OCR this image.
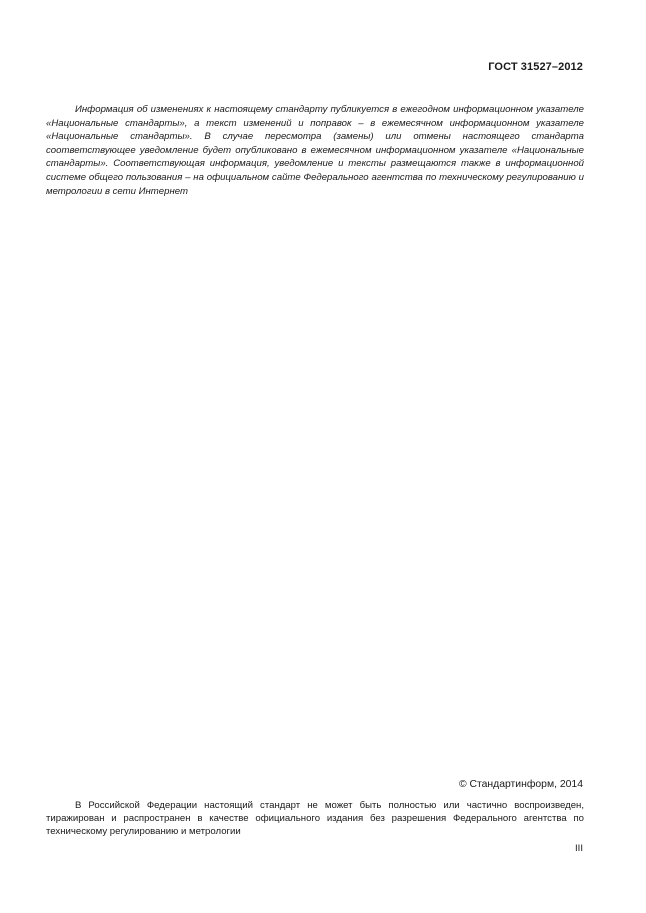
ГОСТ 31527–2012

Информация об изменениях к настоящему стандарту публикуется в ежегодном информационном указателе «Национальные стандарты», а текст изменений и поправок – в ежемесячном информационном указателе «Национальные стандарты». В случае пересмотра (замены) или отмены настоящего стандарта соответствующее уведомление будет опубликовано в ежемесячном информационном указателе «Национальные стандарты». Соответствующая информация, уведомление и тексты размещаются также в информационной системе общего пользования – на официальном сайте Федерального агентства по техническому регулированию и метрологии в сети Интернет

© Стандартинформ, 2014

В Российской Федерации настоящий стандарт не может быть полностью или частично воспроизведен, тиражирован и распространен в качестве официального издания без разрешения Федерального агентства по техническому регулированию и метрологии

III
